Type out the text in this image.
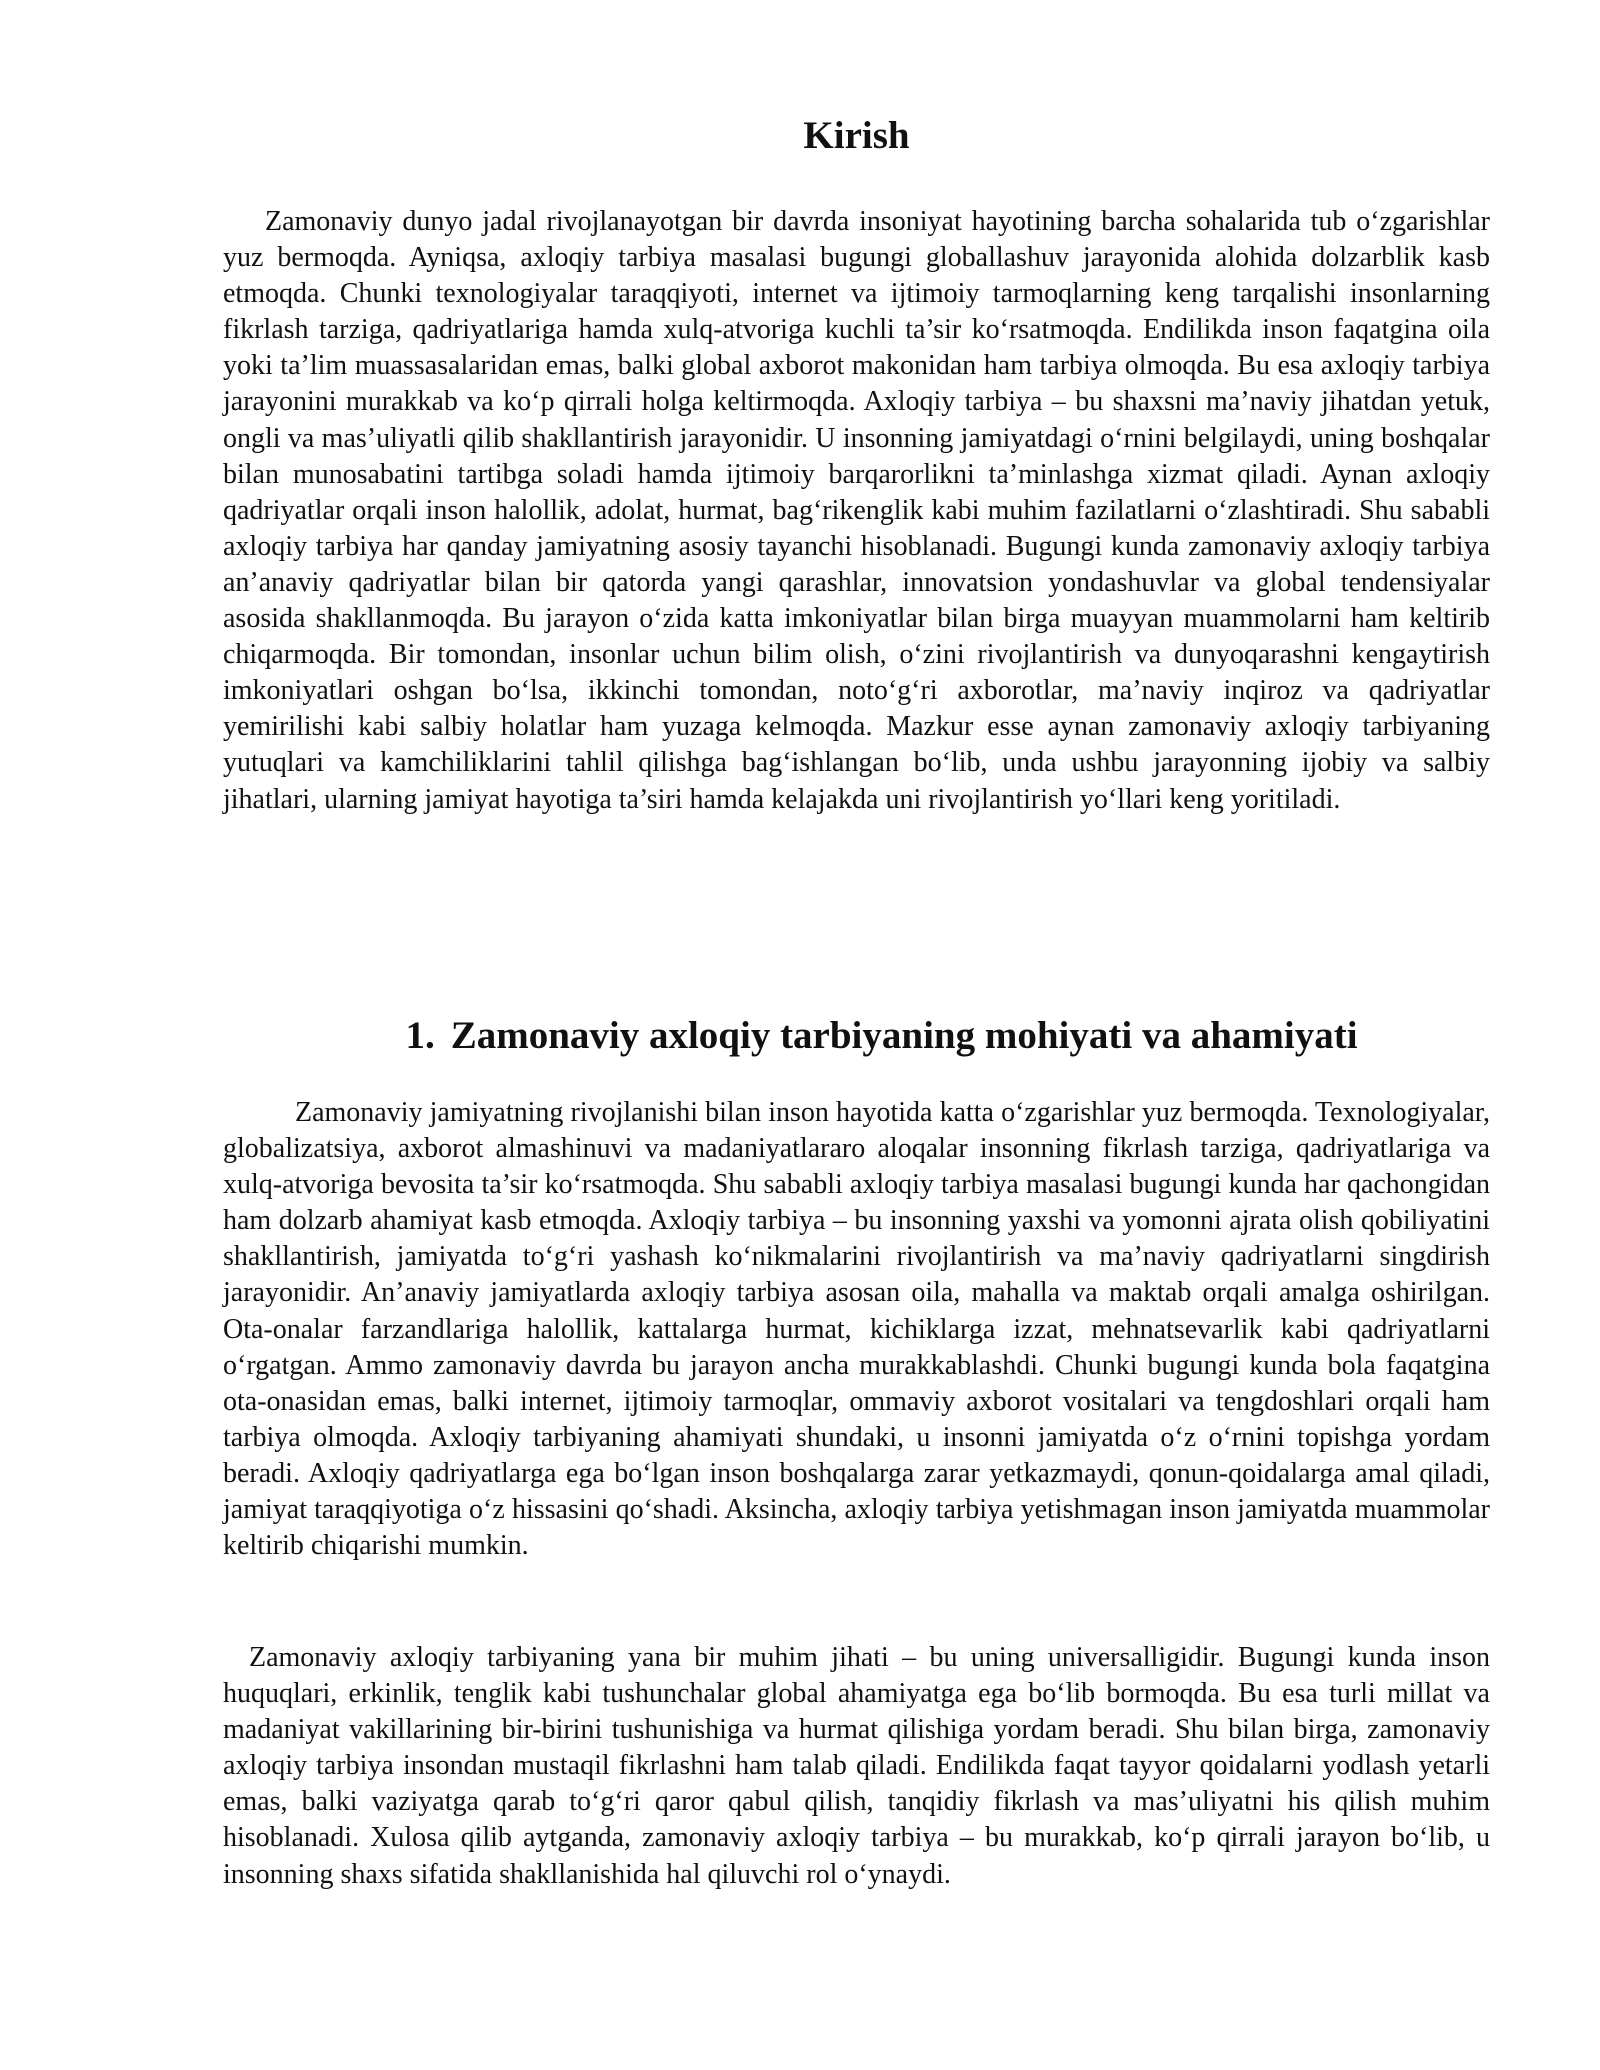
Kirish

Zamonaviy dunyo jadal rivojlanayotgan bir davrda insoniyat hayotining barcha sohalarida tub o‘zgarishlar yuz bermoqda. Ayniqsa, axloqiy tarbiya masalasi bugungi globallashuv jarayonida alohida dolzarblik kasb etmoqda. Chunki texnologiyalar taraqqiyoti, internet va ijtimoiy tarmoqlarning keng tarqalishi insonlarning fikrlash tarziga, qadriyatlariga hamda xulq-atvoriga kuchli ta’sir ko‘rsatmoqda. Endilikda inson faqatgina oila yoki ta’lim muassasalaridan emas, balki global axborot makonidan ham tarbiya olmoqda. Bu esa axloqiy tarbiya jarayonini murakkab va ko‘p qirrali holga keltirmoqda. Axloqiy tarbiya – bu shaxsni ma’naviy jihatdan yetuk, ongli va mas’uliyatli qilib shakllantirish jarayonidir. U insonning jamiyatdagi o‘rnini belgilaydi, uning boshqalar bilan munosabatini tartibga soladi hamda ijtimoiy barqarorlikni ta’minlashga xizmat qiladi. Aynan axloqiy qadriyatlar orqali inson halollik, adolat, hurmat, bag‘rikenglik kabi muhim fazilatlarni o‘zlashtiradi. Shu sababli axloqiy tarbiya har qanday jamiyatning asosiy tayanchi hisoblanadi. Bugungi kunda zamonaviy axloqiy tarbiya an’anaviy qadriyatlar bilan bir qatorda yangi qarashlar, innovatsion yondashuvlar va global tendensiyalar asosida shakllanmoqda. Bu jarayon o‘zida katta imkoniyatlar bilan birga muayyan muammolarni ham keltirib chiqarmoqda. Bir tomondan, insonlar uchun bilim olish, o‘zini rivojlantirish va dunyoqarashni kengaytirish imkoniyatlari oshgan bo‘lsa, ikkinchi tomondan, noto‘g‘ri axborotlar, ma’naviy inqiroz va qadriyatlar yemirilishi kabi salbiy holatlar ham yuzaga kelmoqda. Mazkur esse aynan zamonaviy axloqiy tarbiyaning yutuqlari va kamchiliklarini tahlil qilishga bag‘ishlangan bo‘lib, unda ushbu jarayonning ijobiy va salbiy jihatlari, ularning jamiyat hayotiga ta’siri hamda kelajakda uni rivojlantirish yo‘llari keng yoritiladi.

1. Zamonaviy axloqiy tarbiyaning mohiyati va ahamiyati

Zamonaviy jamiyatning rivojlanishi bilan inson hayotida katta o‘zgarishlar yuz bermoqda. Texnologiyalar, globalizatsiya, axborot almashinuvi va madaniyatlararo aloqalar insonning fikrlash tarziga, qadriyatlariga va xulq-atvoriga bevosita ta’sir ko‘rsatmoqda. Shu sababli axloqiy tarbiya masalasi bugungi kunda har qachongidan ham dolzarb ahamiyat kasb etmoqda. Axloqiy tarbiya – bu insonning yaxshi va yomonni ajrata olish qobiliyatini shakllantirish, jamiyatda to‘g‘ri yashash ko‘nikmalarini rivojlantirish va ma’naviy qadriyatlarni singdirish jarayonidir. An’anaviy jamiyatlarda axloqiy tarbiya asosan oila, mahalla va maktab orqali amalga oshirilgan. Ota-onalar farzandlariga halollik, kattalarga hurmat, kichiklarga izzat, mehnatsevarlik kabi qadriyatlarni o‘rgatgan. Ammo zamonaviy davrda bu jarayon ancha murakkablashdi. Chunki bugungi kunda bola faqatgina ota-onasidan emas, balki internet, ijtimoiy tarmoqlar, ommaviy axborot vositalari va tengdoshlari orqali ham tarbiya olmoqda. Axloqiy tarbiyaning ahamiyati shundaki, u insonni jamiyatda o‘z o‘rnini topishga yordam beradi. Axloqiy qadriyatlarga ega bo‘lgan inson boshqalarga zarar yetkazmaydi, qonun-qoidalarga amal qiladi, jamiyat taraqqiyotiga o‘z hissasini qo‘shadi. Aksincha, axloqiy tarbiya yetishmagan inson jamiyatda muammolar keltirib chiqarishi mumkin.

Zamonaviy axloqiy tarbiyaning yana bir muhim jihati – bu uning universalligidir. Bugungi kunda inson huquqlari, erkinlik, tenglik kabi tushunchalar global ahamiyatga ega bo‘lib bormoqda. Bu esa turli millat va madaniyat vakillarining bir-birini tushunishiga va hurmat qilishiga yordam beradi. Shu bilan birga, zamonaviy axloqiy tarbiya insondan mustaqil fikrlashni ham talab qiladi. Endilikda faqat tayyor qoidalarni yodlash yetarli emas, balki vaziyatga qarab to‘g‘ri qaror qabul qilish, tanqidiy fikrlash va mas’uliyatni his qilish muhim hisoblanadi. Xulosa qilib aytganda, zamonaviy axloqiy tarbiya – bu murakkab, ko‘p qirrali jarayon bo‘lib, u insonning shaxs sifatida shakllanishida hal qiluvchi rol o‘ynaydi.
